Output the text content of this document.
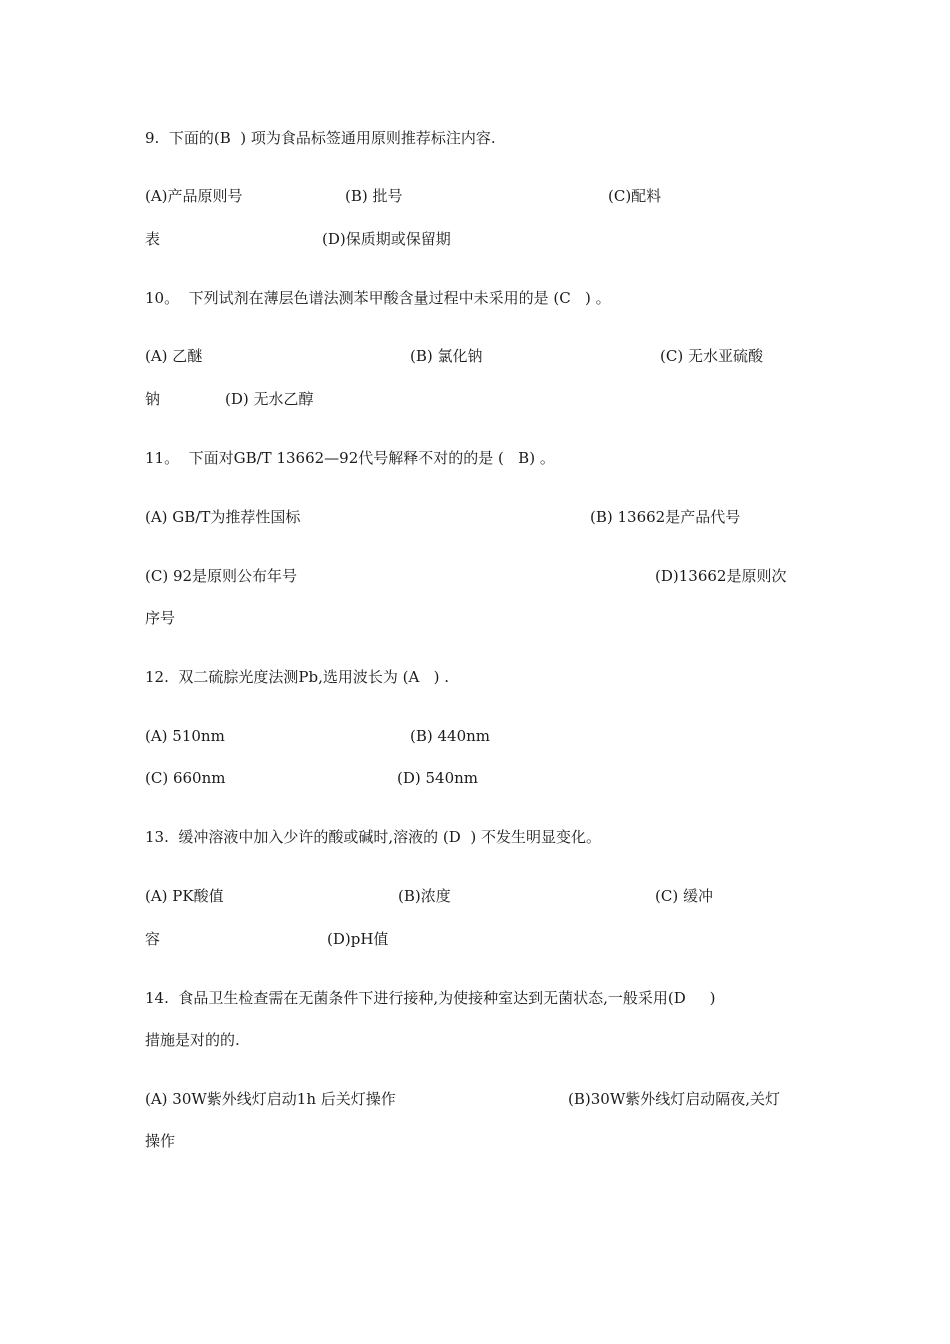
9.  下面的(B  ) 项为食品标签通用原则推荐标注内容.
(A)产品原则号	(B) 批号	(C)配料
表	(D)保质期或保留期
10。  下列试剂在薄层色谱法测苯甲酸含量过程中未采用的是 (C   ) 。
(A) 乙醚	(B) 氯化钠	(C) 无水亚硫酸
钠	(D) 无水乙醇
11。  下面对GB/T 13662—92代号解释不对的的是 (   B) 。
(A) GB/T为推荐性国标	(B) 13662是产品代号
(C) 92是原则公布年号	(D)13662是原则次
序号
12.  双二硫腙光度法测Pb,选用波长为 (A   ) .
(A) 510nm	(B) 440nm
(C) 660nm	(D) 540nm
13.  缓冲溶液中加入少许的酸或碱时,溶液的 (D  ) 不发生明显变化。
(A) PK酸值	(B)浓度	(C) 缓冲
容	(D)pH值
14.  食品卫生检查需在无菌条件下进行接种,为使接种室达到无菌状态,一般采用(D     )
措施是对的的.
(A) 30W紫外线灯启动1h 后关灯操作	(B)30W紫外线灯启动隔夜,关灯
操作
